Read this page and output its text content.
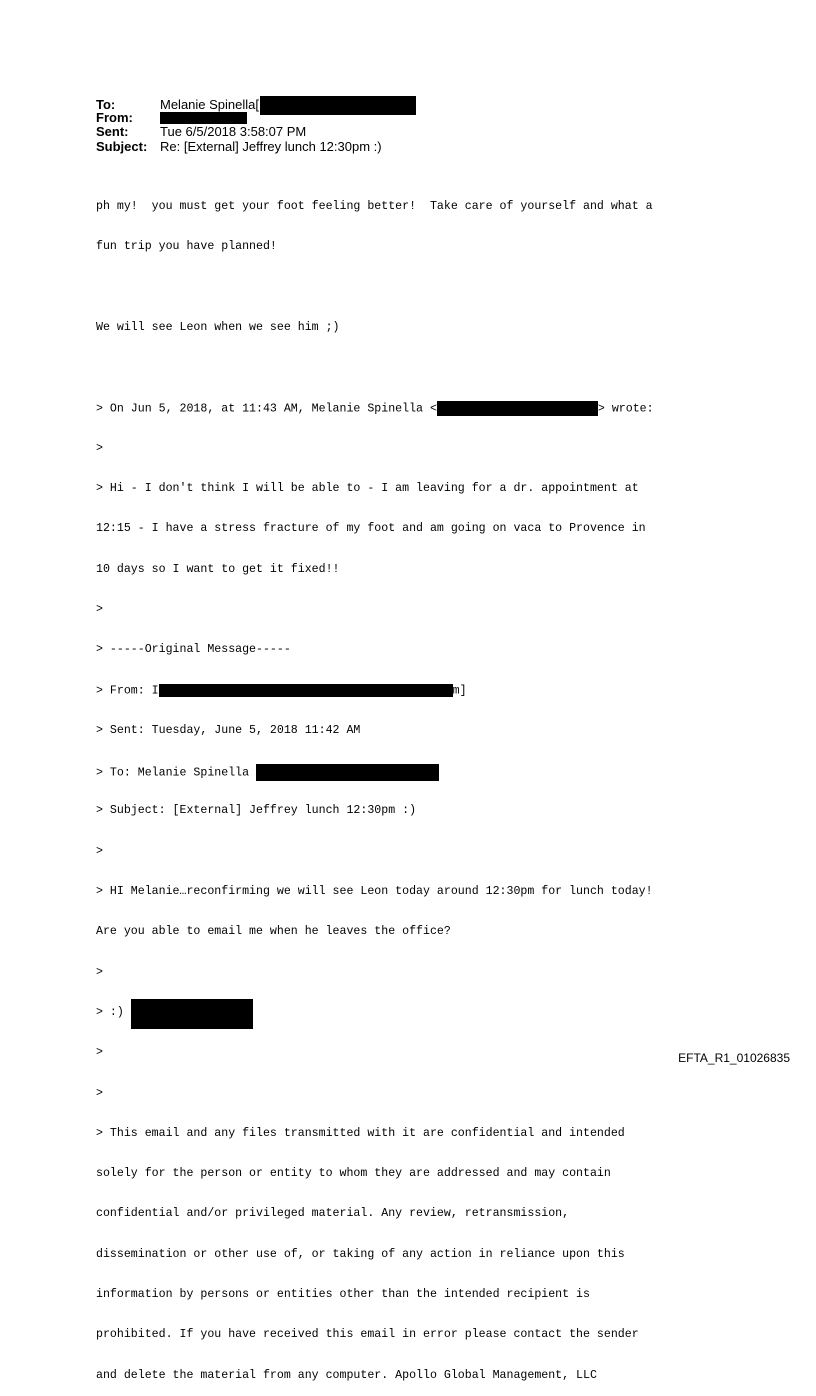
To:	Melanie Spinella[
From:
Sent: Tue 6/5/2018 3:58:07 PM
Subject: Re: [External] Jeffrey lunch 12:30pm :)

ph my!  you must get your foot feeling better!  Take care of yourself and what a

fun trip you have planned!

We will see Leon when we see him ;)

> On Jun 5, 2018, at 11:43 AM, Melanie Spinella <	> wrote:

>

> Hi - I don't think I will be able to - I am leaving for a dr. appointment at

12:15 - I have a stress fracture of my foot and am going on vaca to Provence in

10 days so I want to get it fixed!!

>

> -----Original Message-----

> From: I	m]

> Sent: Tuesday, June 5, 2018 11:42 AM

> To: Melanie Spinella

> Subject: [External] Jeffrey lunch 12:30pm :)

>

> HI Melanie…reconfirming we will see Leon today around 12:30pm for lunch today!

Are you able to email me when he leaves the office?

>

> :)

>

>

> This email and any files transmitted with it are confidential and intended

solely for the person or entity to whom they are addressed and may contain

confidential and/or privileged material. Any review, retransmission,

dissemination or other use of, or taking of any action in reliance upon this

information by persons or entities other than the intended recipient is

prohibited. If you have received this email in error please contact the sender

and delete the material from any computer. Apollo Global Management, LLC

EFTA_R1_01026835
